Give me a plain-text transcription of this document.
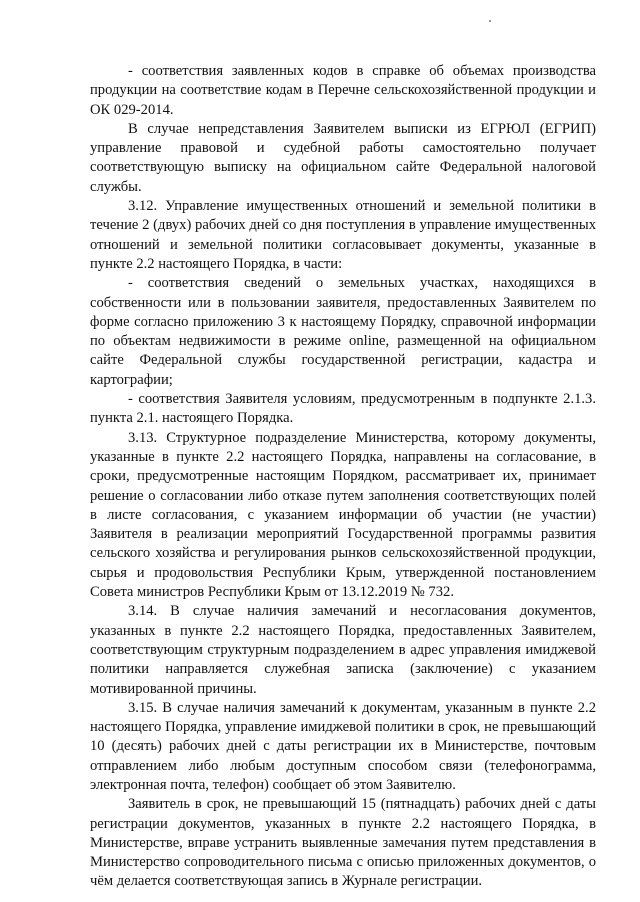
- соответствия заявленных кодов в справке об объемах производства продукции на соответствие кодам в Перечне сельскохозяйственной продукции и ОК 029-2014.

В случае непредставления Заявителем выписки из ЕГРЮЛ (ЕГРИП) управление правовой и судебной работы самостоятельно получает соответствующую выписку на официальном сайте Федеральной налоговой службы.

3.12. Управление имущественных отношений и земельной политики в течение 2 (двух) рабочих дней со дня поступления в управление имущественных отношений и земельной политики согласовывает документы, указанные в пункте 2.2 настоящего Порядка, в части:

- соответствия сведений о земельных участках, находящихся в собственности или в пользовании заявителя, предоставленных Заявителем по форме согласно приложению 3 к настоящему Порядку, справочной информации по объектам недвижимости в режиме online, размещенной на официальном сайте Федеральной службы государственной регистрации, кадастра и картографии;

- соответствия Заявителя условиям, предусмотренным в подпункте 2.1.3. пункта 2.1. настоящего Порядка.

3.13. Структурное подразделение Министерства, которому документы, указанные в пункте 2.2 настоящего Порядка, направлены на согласование, в сроки, предусмотренные настоящим Порядком, рассматривает их, принимает решение о согласовании либо отказе путем заполнения соответствующих полей в листе согласования, с указанием информации об участии (не участии) Заявителя в реализации мероприятий Государственной программы развития сельского хозяйства и регулирования рынков сельскохозяйственной продукции, сырья и продовольствия Республики Крым, утвержденной постановлением Совета министров Республики Крым от 13.12.2019 № 732.

3.14. В случае наличия замечаний и несогласования документов, указанных в пункте 2.2 настоящего Порядка, предоставленных Заявителем, соответствующим структурным подразделением в адрес управления имиджевой политики направляется служебная записка (заключение) с указанием мотивированной причины.

3.15. В случае наличия замечаний к документам, указанным в пункте 2.2 настоящего Порядка, управление имиджевой политики в срок, не превышающий 10 (десять) рабочих дней с даты регистрации их в Министерстве, почтовым отправлением либо любым доступным способом связи (телефонограмма, электронная почта, телефон) сообщает об этом Заявителю.

Заявитель в срок, не превышающий 15 (пятнадцать) рабочих дней с даты регистрации документов, указанных в пункте 2.2 настоящего Порядка, в Министерстве, вправе устранить выявленные замечания путем представления в Министерство сопроводительного письма с описью приложенных документов, о чём делается соответствующая запись в Журнале регистрации.
